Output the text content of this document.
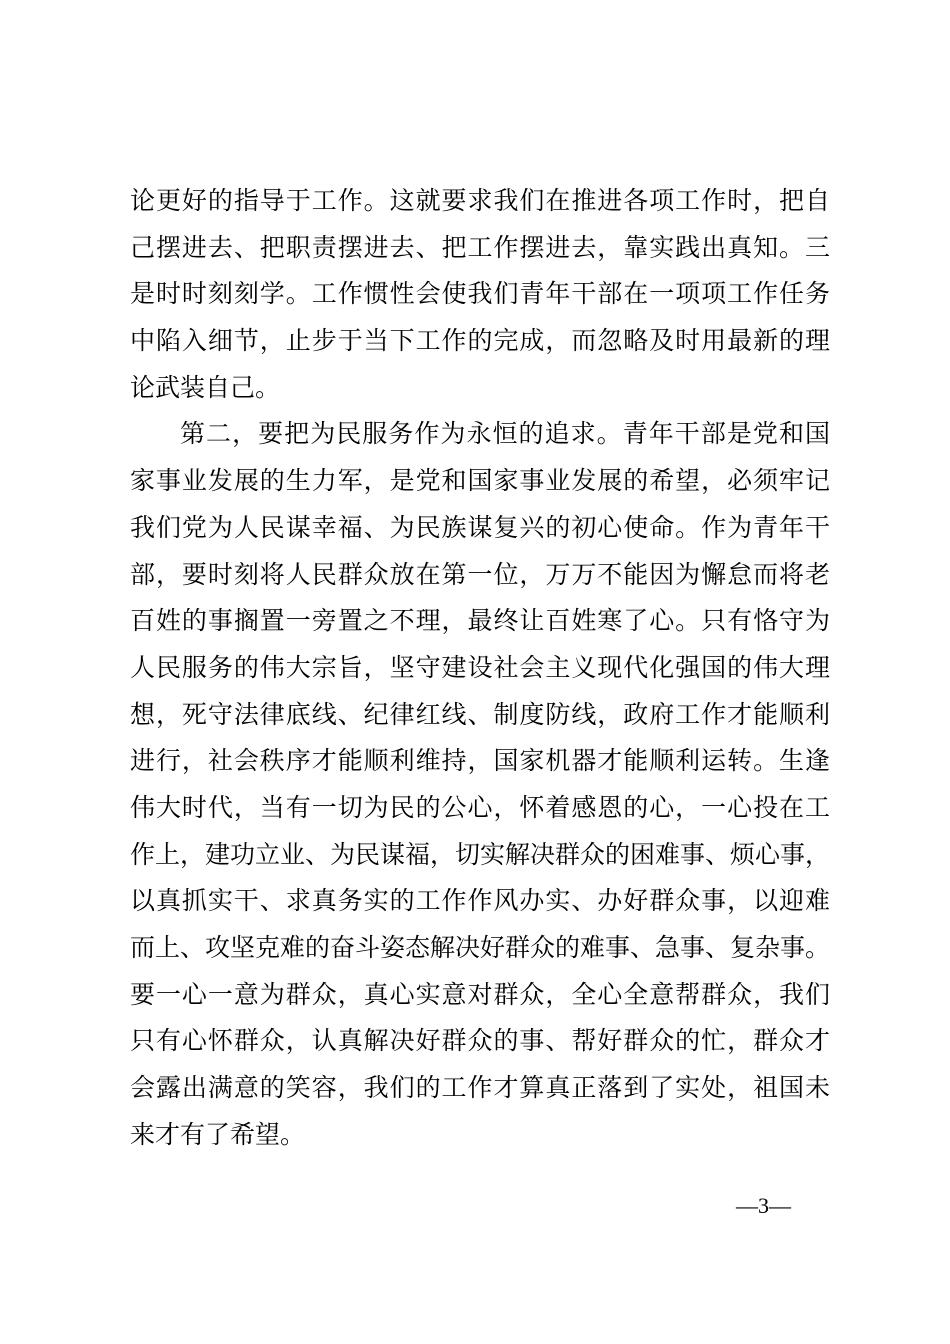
论更好的指导于工作。这就要求我们在推进各项工作时，把自
己摆进去、把职责摆进去、把工作摆进去，靠实践出真知。三
是时时刻刻学。工作惯性会使我们青年干部在一项项工作任务
中陷入细节，止步于当下工作的完成，而忽略及时用最新的理
论武装自己。
第二，要把为民服务作为永恒的追求。青年干部是党和国
家事业发展的生力军，是党和国家事业发展的希望，必须牢记
我们党为人民谋幸福、为民族谋复兴的初心使命。作为青年干
部，要时刻将人民群众放在第一位，万万不能因为懈怠而将老
百姓的事搁置一旁置之不理，最终让百姓寒了心。只有恪守为
人民服务的伟大宗旨，坚守建设社会主义现代化强国的伟大理
想，死守法律底线、纪律红线、制度防线，政府工作才能顺利
进行，社会秩序才能顺利维持，国家机器才能顺利运转。生逢
伟大时代，当有一切为民的公心，怀着感恩的心，一心投在工
作上，建功立业、为民谋福，切实解决群众的困难事、烦心事，
以真抓实干、求真务实的工作作风办实、办好群众事，以迎难
而上、攻坚克难的奋斗姿态解决好群众的难事、急事、复杂事。
要一心一意为群众，真心实意对群众，全心全意帮群众，我们
只有心怀群众，认真解决好群众的事、帮好群众的忙，群众才
会露出满意的笑容，我们的工作才算真正落到了实处，祖国未
来才有了希望。
—3—
